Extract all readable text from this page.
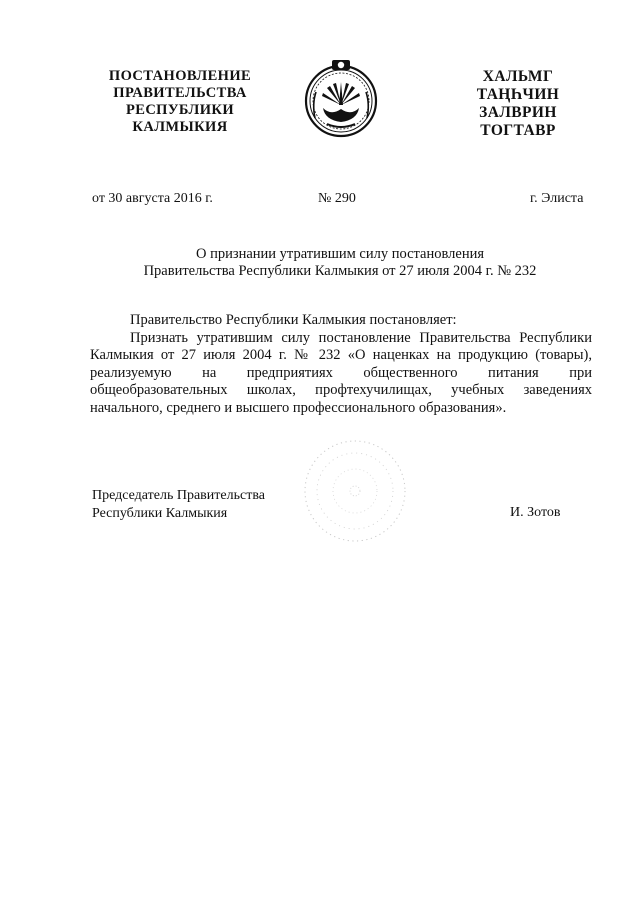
ПОСТАНОВЛЕНИЕ
ПРАВИТЕЛЬСТВА
РЕСПУБЛИКИ
КАЛМЫКИЯ
ХАЛЬМГ
ТАҢҺЧИН
ЗАЛВРИН
ТОГТАВР
от 30 августа 2016 г.	№ 290	г. Элиста
О признании утратившим силу постановления
Правительства Республики Калмыкия от 27 июля 2004 г. № 232
Правительство Республики Калмыкия постановляет:
Признать утратившим силу постановление Правительства Республики Калмыкия от 27 июля 2004 г. № 232 «О наценках на продукцию (товары), реализуемую на предприятиях общественного питания при общеобразовательных школах, профтехучилищах, учебных заведениях начального, среднего и высшего профессионального образования».
Председатель Правительства
Республики Калмыкия	И. Зотов
